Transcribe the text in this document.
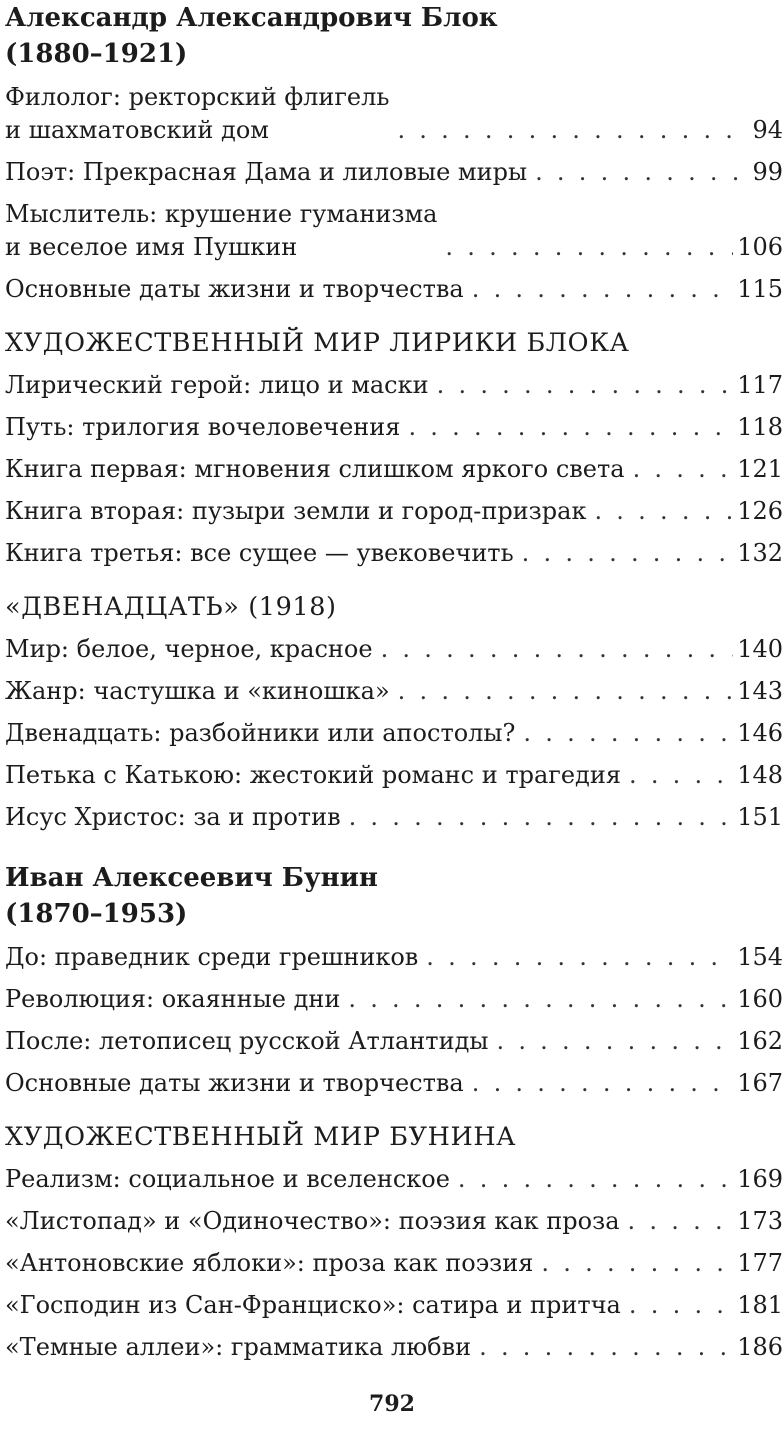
Александр Александрович Блок
(1880–1921)
Филолог: ректорский флигель
и шахматовский дом . . .	94
Поэт: Прекрасная Дама и лиловые миры . . .	99
Мыслитель: крушение гуманизма
и веселое имя Пушкин . . .	106
Основные даты жизни и творчества . . .	115
ХУДОЖЕСТВЕННЫЙ МИР ЛИРИКИ БЛОКА
Лирический герой: лицо и маски . . .	117
Путь: трилогия вочеловечения . . .	118
Книга первая: мгновения слишком яркого света . . .	121
Книга вторая: пузыри земли и город-призрак . . .	126
Книга третья: все сущее — увековечить . . .	132
«ДВЕНАДЦАТЬ» (1918)
Мир: белое, черное, красное . . .	140
Жанр: частушка и «киношка» . . .	143
Двенадцать: разбойники или апостолы? . . .	146
Петька с Катькою: жестокий романс и трагедия . . .	148
Исус Христос: за и против . . .	151
Иван Алексеевич Бунин
(1870–1953)
До: праведник среди грешников . . .	154
Революция: окаянные дни . . .	160
После: летописец русской Атлантиды . . .	162
Основные даты жизни и творчества . . .	167
ХУДОЖЕСТВЕННЫЙ МИР БУНИНА
Реализм: социальное и вселенское . . .	169
«Листопад» и «Одиночество»: поэзия как проза . . .	173
«Антоновские яблоки»: проза как поэзия . . .	177
«Господин из Сан-Франциско»: сатира и притча . . .	181
«Темные аллеи»: грамматика любви . . .	186
792
